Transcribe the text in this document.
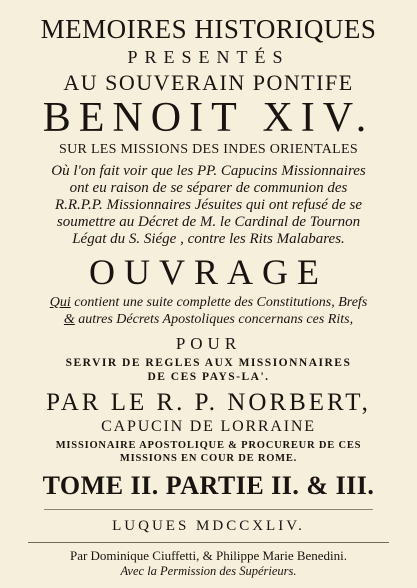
MEMOIRES HISTORIQUES
PRESENTÉS
AU SOUVERAIN PONTIFE
BENOIT XIV.
SUR LES MISSIONS DES INDES ORIENTALES
Où l'on fait voir que les PP. Capucins Missionnaires
ont eu raison de se séparer de communion des
R.R.P.P. Missionnaires Jésuites qui ont refusé de se
soumettre au Décret de M. le Cardinal de Tournon
Légat du S. Siége , contre les Rits Malabares.
OUVRAGE
Qui contient une suite complette des Constitutions, Brefs
& autres Décrets Apostoliques concernans ces Rits,
POUR
SERVIR DE REGLES AUX MISSIONNAIRES
DE CES PAYS-LA'.
PAR LE R. P. NORBERT,
CAPUCIN DE LORRAINE
MISSIONAIRE APOSTOLIQUE & PROCUREUR DE CES
MISSIONS EN COUR DE ROME.
TOME II. PARTIE II. & III.
LUQUES MDCCXLIV.
Par Dominique Ciuffetti, & Philippe Marie Benedini.
Avec la Permission des Supérieurs.
